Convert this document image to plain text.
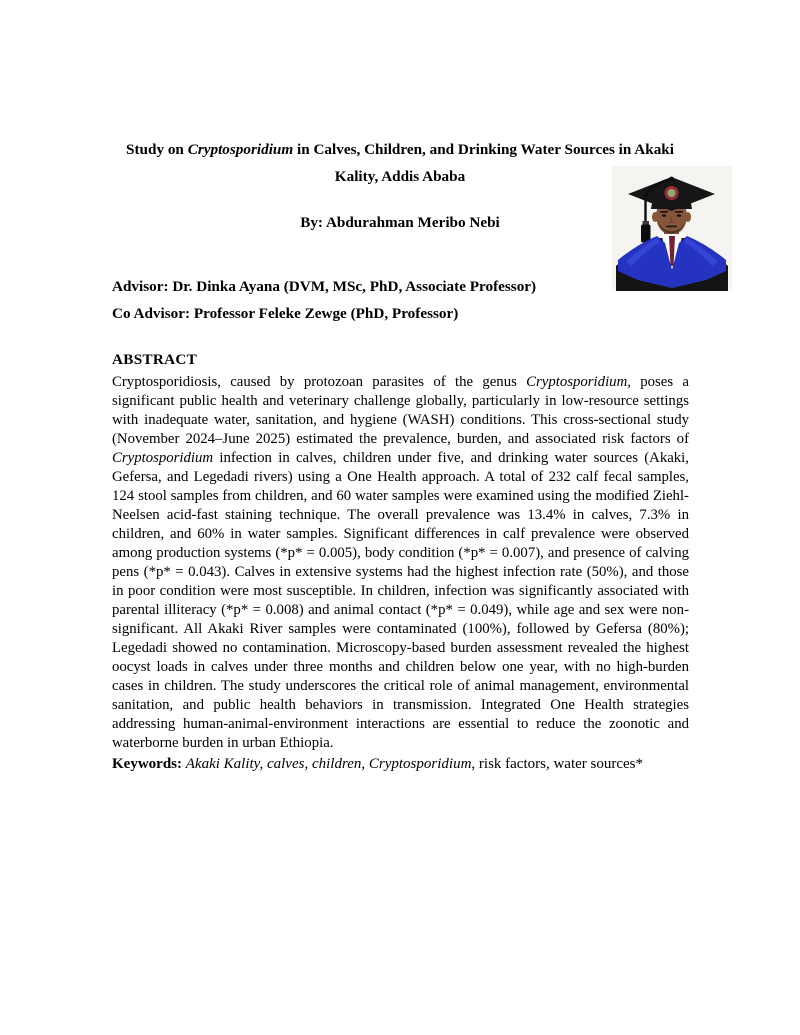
Study on Cryptosporidium in Calves, Children, and Drinking Water Sources in Akaki
Kality, Addis Ababa
By: Abdurahman Meribo Nebi
Advisor: Dr. Dinka Ayana (DVM, MSc, PhD, Associate Professor)
Co Advisor: Professor Feleke Zewge (PhD, Professor)
ABSTRACT
Cryptosporidiosis, caused by protozoan parasites of the genus Cryptosporidium, poses a significant public health and veterinary challenge globally, particularly in low-resource settings with inadequate water, sanitation, and hygiene (WASH) conditions. This cross-sectional study (November 2024–June 2025) estimated the prevalence, burden, and associated risk factors of Cryptosporidium infection in calves, children under five, and drinking water sources (Akaki, Gefersa, and Legedadi rivers) using a One Health approach. A total of 232 calf fecal samples, 124 stool samples from children, and 60 water samples were examined using the modified Ziehl-Neelsen acid-fast staining technique. The overall prevalence was 13.4% in calves, 7.3% in children, and 60% in water samples. Significant differences in calf prevalence were observed among production systems (*p* = 0.005), body condition (*p* = 0.007), and presence of calving pens (*p* = 0.043). Calves in extensive systems had the highest infection rate (50%), and those in poor condition were most susceptible. In children, infection was significantly associated with parental illiteracy (*p* = 0.008) and animal contact (*p* = 0.049), while age and sex were non-significant. All Akaki River samples were contaminated (100%), followed by Gefersa (80%); Legedadi showed no contamination. Microscopy-based burden assessment revealed the highest oocyst loads in calves under three months and children below one year, with no high-burden cases in children. The study underscores the critical role of animal management, environmental sanitation, and public health behaviors in transmission. Integrated One Health strategies addressing human-animal-environment interactions are essential to reduce the zoonotic and waterborne burden in urban Ethiopia.
Keywords: Akaki Kality, calves, children, Cryptosporidium, risk factors, water sources*
